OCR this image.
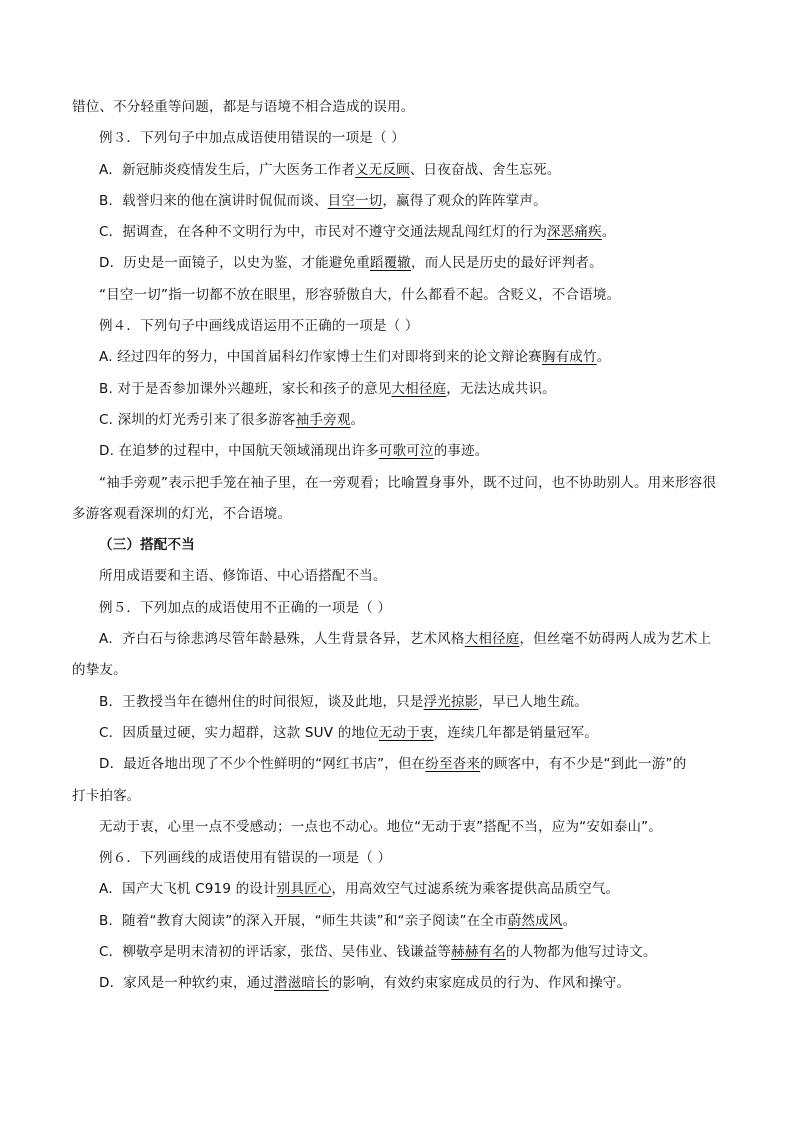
错位、不分轻重等问题，都是与语境不相合造成的误用。
例３．下列句子中加点成语使用错误的一项是（ ）
A．新冠肺炎疫情发生后，广大医务工作者义无反顾、日夜奋战、舍生忘死。
B．载誉归来的他在演讲时侃侃而谈、目空一切，赢得了观众的阵阵掌声。
C．据调查，在各种不文明行为中，市民对不遵守交通法规乱闯红灯的行为深恶痛疾。
D．历史是一面镜子，以史为鉴，才能避免重蹈覆辙，而人民是历史的最好评判者。
“目空一切”指一切都不放在眼里，形容骄傲自大，什么都看不起。含贬义，不合语境。
例４．下列句子中画线成语运用不正确的一项是（ ）
A. 经过四年的努力，中国首届科幻作家博士生们对即将到来的论文辩论赛胸有成竹。
B. 对于是否参加课外兴趣班，家长和孩子的意见大相径庭，无法达成共识。
C. 深圳的灯光秀引来了很多游客袖手旁观。
D. 在追梦的过程中，中国航天领域涌现出许多可歌可泣的事迹。
“袖手旁观”表示把手笼在袖子里，在一旁观看；比喻置身事外，既不过问，也不协助别人。用来形容很
多游客观看深圳的灯光，不合语境。
（三）搭配不当
所用成语要和主语、修饰语、中心语搭配不当。
例５．下列加点的成语使用不正确的一项是（ ）
A．齐白石与徐悲鸿尽管年龄悬殊，人生背景各异，艺术风格大相径庭，但丝毫不妨碍两人成为艺术上
的挚友。
B．王教授当年在德州住的时间很短，谈及此地，只是浮光掠影，早已人地生疏。
C．因质量过硬，实力超群，这款 SUV 的地位无动于衷，连续几年都是销量冠军。
D．最近各地出现了不少个性鲜明的“网红书店”，但在纷至沓来的顾客中，有不少是“到此一游”的
打卡拍客。
无动于衷，心里一点不受感动；一点也不动心。地位“无动于衷”搭配不当，应为“安如泰山”。
例６．下列画线的成语使用有错误的一项是（ ）
A．国产大飞机 C919 的设计别具匠心，用高效空气过滤系统为乘客提供高品质空气。
B．随着“教育大阅读”的深入开展，“师生共读”和“亲子阅读”在全市蔚然成风。
C．柳敬亭是明末清初的评话家，张岱、吴伟业、钱谦益等赫赫有名的人物都为他写过诗文。
D．家风是一种软约束，通过潜滋暗长的影响，有效约束家庭成员的行为、作风和操守。
